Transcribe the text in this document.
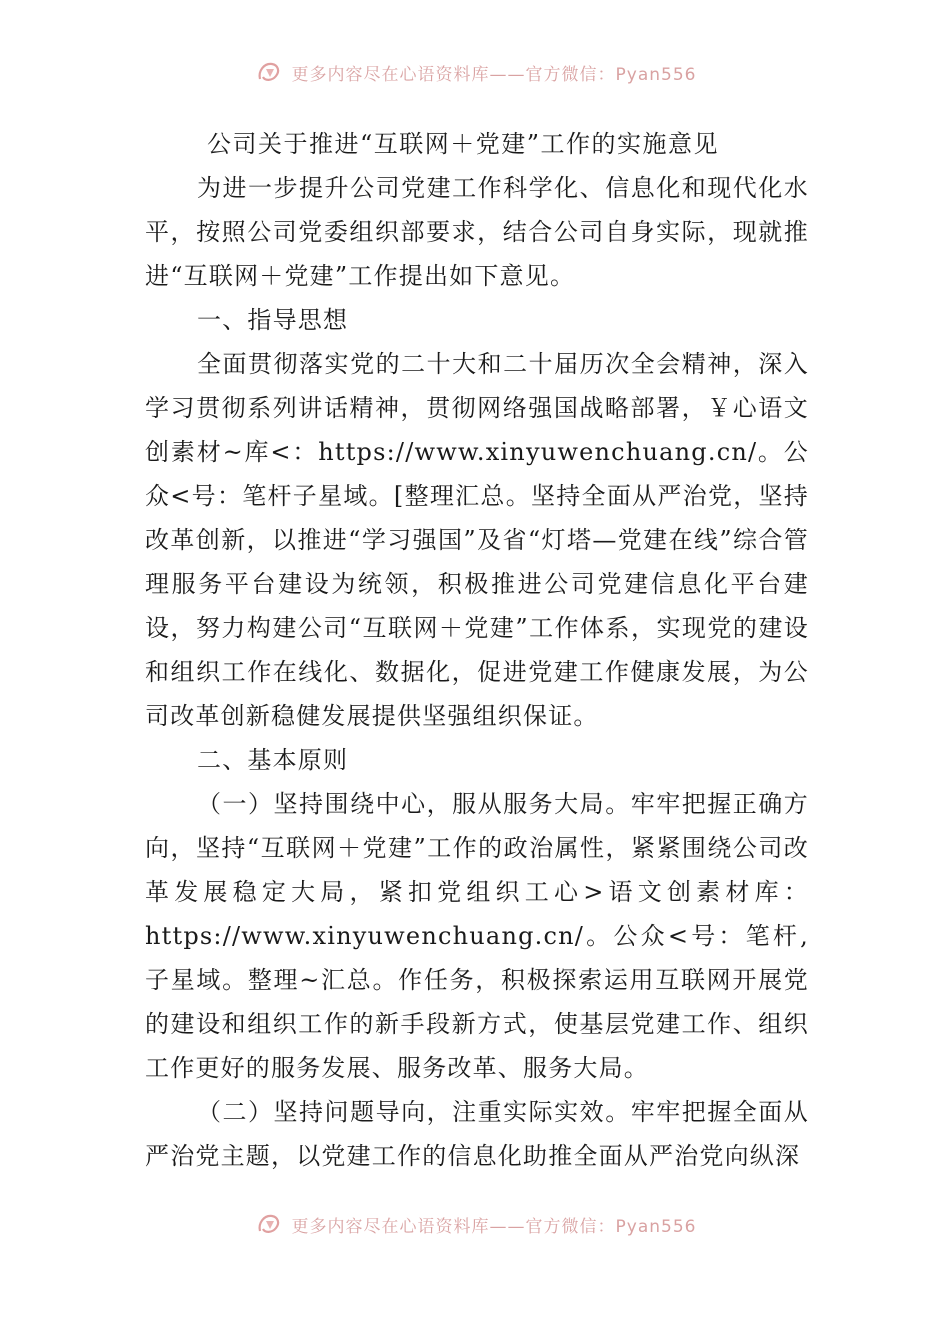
更多内容尽在心语资料库——官方微信：Pyan556
公司关于推进“互联网＋党建”工作的实施意见

为进一步提升公司党建工作科学化、信息化和现代化水平，按照公司党委组织部要求，结合公司自身实际，现就推进“互联网＋党建”工作提出如下意见。

一、指导思想

全面贯彻落实党的二十大和二十届历次全会精神，深入学习贯彻系列讲话精神，贯彻网络强国战略部署，￥心语文创素材~库<：https://www.xinyuwenchuang.cn/。公众<号：笔杆子星域。[整理汇总。坚持全面从严治党，坚持改革创新，以推进“学习强国”及省“灯塔—党建在线”综合管理服务平台建设为统领，积极推进公司党建信息化平台建设，努力构建公司“互联网＋党建”工作体系，实现党的建设和组织工作在线化、数据化，促进党建工作健康发展，为公司改革创新稳健发展提供坚强组织保证。

二、基本原则

（一）坚持围绕中心，服从服务大局。牢牢把握正确方向，坚持“互联网＋党建”工作的政治属性，紧紧围绕公司改革发展稳定大局，紧扣党组织工心>语文创素材库：https://www.xinyuwenchuang.cn/。公众<号：笔杆,子星域。整理~汇总。作任务，积极探索运用互联网开展党的建设和组织工作的新手段新方式，使基层党建工作、组织工作更好的服务发展、服务改革、服务大局。

（二）坚持问题导向，注重实际实效。牢牢把握全面从严治党主题，以党建工作的信息化助推全面从严治党向纵深

更多内容尽在心语资料库——官方微信：Pyan556
